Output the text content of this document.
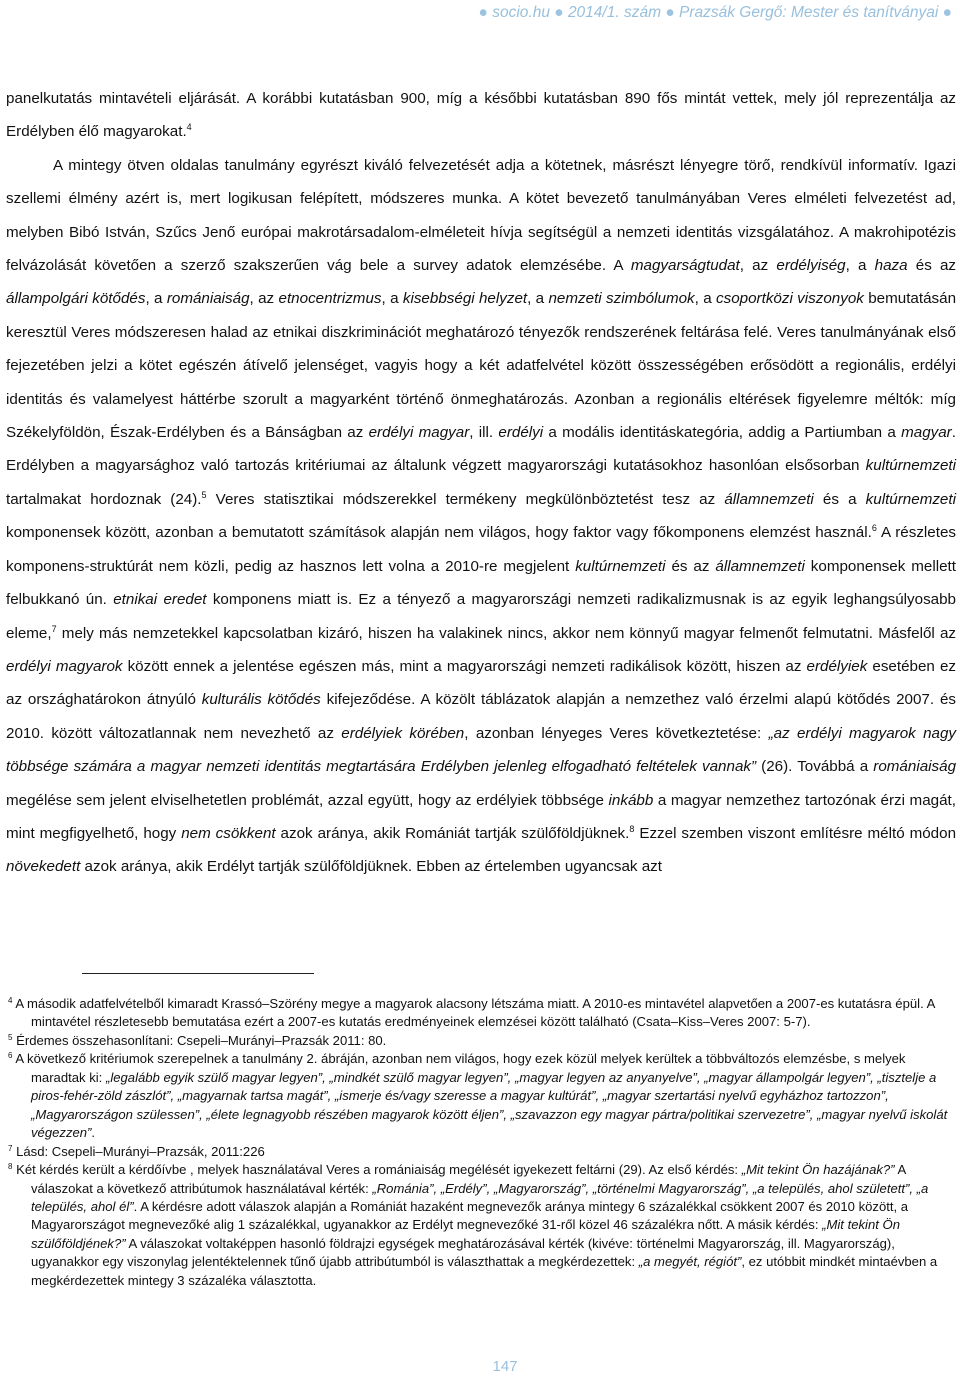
● socio.hu ● 2014/1. szám ● Prazsák Gergő: Mester és tanítványai ●

panelkutatás mintavételi eljárását. A korábbi kutatásban 900, míg a későbbi kutatásban 890 fős mintát vettek, mely jól reprezentálja az Erdélyben élő magyarokat.$^4$

A mintegy ötven oldalas tanulmány egyrészt kiváló felvezetését adja a kötetnek, másrészt lényegre törő, rendkívül informatív. Igazi szellemi élmény azért is, mert logikusan felépített, módszeres munka. A kötet bevezető tanulmányában Veres elméleti felvezetést ad, melyben Bibó István, Szűcs Jenő európai makrotársadalom-elméleteit hívja segítségül a nemzeti identitás vizsgálatához. A makrohipotézis felvázolását követően a szerző szakszerűen vág bele a survey adatok elemzésébe. A magyarságtudat, az erdélyiség, a haza és az állampolgári kötődés, a romániaiság, az etnocentrizmus, a kisebbségi helyzet, a nemzeti szimbólumok, a csoportközi viszonyok bemutatásán keresztül Veres módszeresen halad az etnikai diszkriminációt meghatározó tényezők rendszerének feltárása felé. Veres tanulmányának első fejezetében jelzi a kötet egészén átívelő jelenséget, vagyis hogy a két adatfelvétel között összességében erősödött a regionális, erdélyi identitás és valamelyest háttérbe szorult a magyarként történő önmeghatározás. Azonban a regionális eltérések figyelemre méltók: míg Székelyföldön, Észak-Erdélyben és a Bánságban az erdélyi magyar, ill. erdélyi a modális identitáskategória, addig a Partiumban a magyar. Erdélyben a magyarsághoz való tartozás kritériumai az általunk végzett magyarországi kutatásokhoz hasonlóan elsősorban kultúrnemzeti tartalmakat hordoznak (24).$^5$ Veres statisztikai módszerekkel termékeny megkülönböztetést tesz az államnemzeti és a kultúrnemzeti komponensek között, azonban a bemutatott számítások alapján nem világos, hogy faktor vagy főkomponens elemzést használ.$^6$ A részletes komponens-struktúrát nem közli, pedig az hasznos lett volna a 2010-re megjelent kultúrnemzeti és az államnemzeti komponensek mellett felbukkanó ún. etnikai eredet komponens miatt is. Ez a tényező a magyarországi nemzeti radikalizmusnak is az egyik leghangsúlyosabb eleme,$^7$ mely más nemzetekkel kapcsolatban kizáró, hiszen ha valakinek nincs, akkor nem könnyű magyar felmenőt felmutatni. Másfelől az erdélyi magyarok között ennek a jelentése egészen más, mint a magyarországi nemzeti radikálisok között, hiszen az erdélyiek esetében ez az országhatárokon átnyúló kulturális kötődés kifejeződése. A közölt táblázatok alapján a nemzethez való érzelmi alapú kötődés 2007. és 2010. között változatlannak nem nevezhető az erdélyiek körében, azonban lényeges Veres következtetése: „az erdélyi magyarok nagy többsége számára a magyar nemzeti identitás megtartására Erdélyben jelenleg elfogadható feltételek vannak” (26). Továbbá a romániaiság megélése sem jelent elviselhetetlen problémát, azzal együtt, hogy az erdélyiek többsége inkább a magyar nemzethez tartozónak érzi magát, mint megfigyelhető, hogy nem csökkent azok aránya, akik Romániát tartják szülőföldjüknek.$^8$ Ezzel szemben viszont említésre méltó módon növekedett azok aránya, akik Erdélyt tartják szülőföldjüknek. Ebben az értelemben ugyancsak azt

$^4$ A második adatfelvételből kimaradt Krassó–Szörény megye a magyarok alacsony létszáma miatt. A 2010-es mintavétel alapvetően a 2007-es kutatásra épül. A mintavétel részletesebb bemutatása ezért a 2007-es kutatás eredményeinek elemzései között található (Csata–Kiss–Veres 2007: 5-7).

$^5$ Érdemes összehasonlítani: Csepeli–Murányi–Prazsák 2011: 80.

$^6$ A következő kritériumok szerepelnek a tanulmány 2. ábráján, azonban nem világos, hogy ezek közül melyek kerültek a többváltozós elemzésbe, s melyek maradtak ki: „legalább egyik szülő magyar legyen”, „mindkét szülő magyar legyen”, „magyar legyen az anyanyelve”, „magyar állampolgár legyen”, „tisztelje a piros-fehér-zöld zászlót”, „magyarnak tartsa magát”, „ismerje és/vagy szeresse a magyar kultúrát”, „magyar szertartási nyelvű egyházhoz tartozzon”, „Magyarországon szülessen”, „élete legnagyobb részében magyarok között éljen”, „szavazzon egy magyar pártra/politikai szervezetre”, „magyar nyelvű iskolát végezzen”.

$^7$ Lásd: Csepeli–Murányi–Prazsák, 2011:226

$^8$ Két kérdés került a kérdőívbe , melyek használatával Veres a romániaiság megélését igyekezett feltárni (29). Az első kérdés: „Mit tekint Ön hazájának?” A válaszokat a következő attribútumok használatával kérték: „Románia”, „Erdély”, „Magyarország”, „történelmi Magyarország”, „a település, ahol született”, „a település, ahol él”. A kérdésre adott válaszok alapján a Romániát hazaként megnevezők aránya mintegy 6 százalékkal csökkent 2007 és 2010 között, a Magyarországot megnevezőké alig 1 százalékkal, ugyanakkor az Erdélyt megnevezőké 31-ről közel 46 százalékra nőtt. A másik kérdés: „Mit tekint Ön szülőföldjének?” A válaszokat voltaképpen hasonló földrajzi egységek meghatározásával kérték (kivéve: történelmi Magyarország, ill. Magyarország), ugyanakkor egy viszonylag jelentéktelennek tűnő újabb attribútumból is választhattak a megkérdezettek: „a megyét, régiót”, ez utóbbit mindkét mintaévben a megkérdezettek mintegy 3 százaléka választotta.

147
